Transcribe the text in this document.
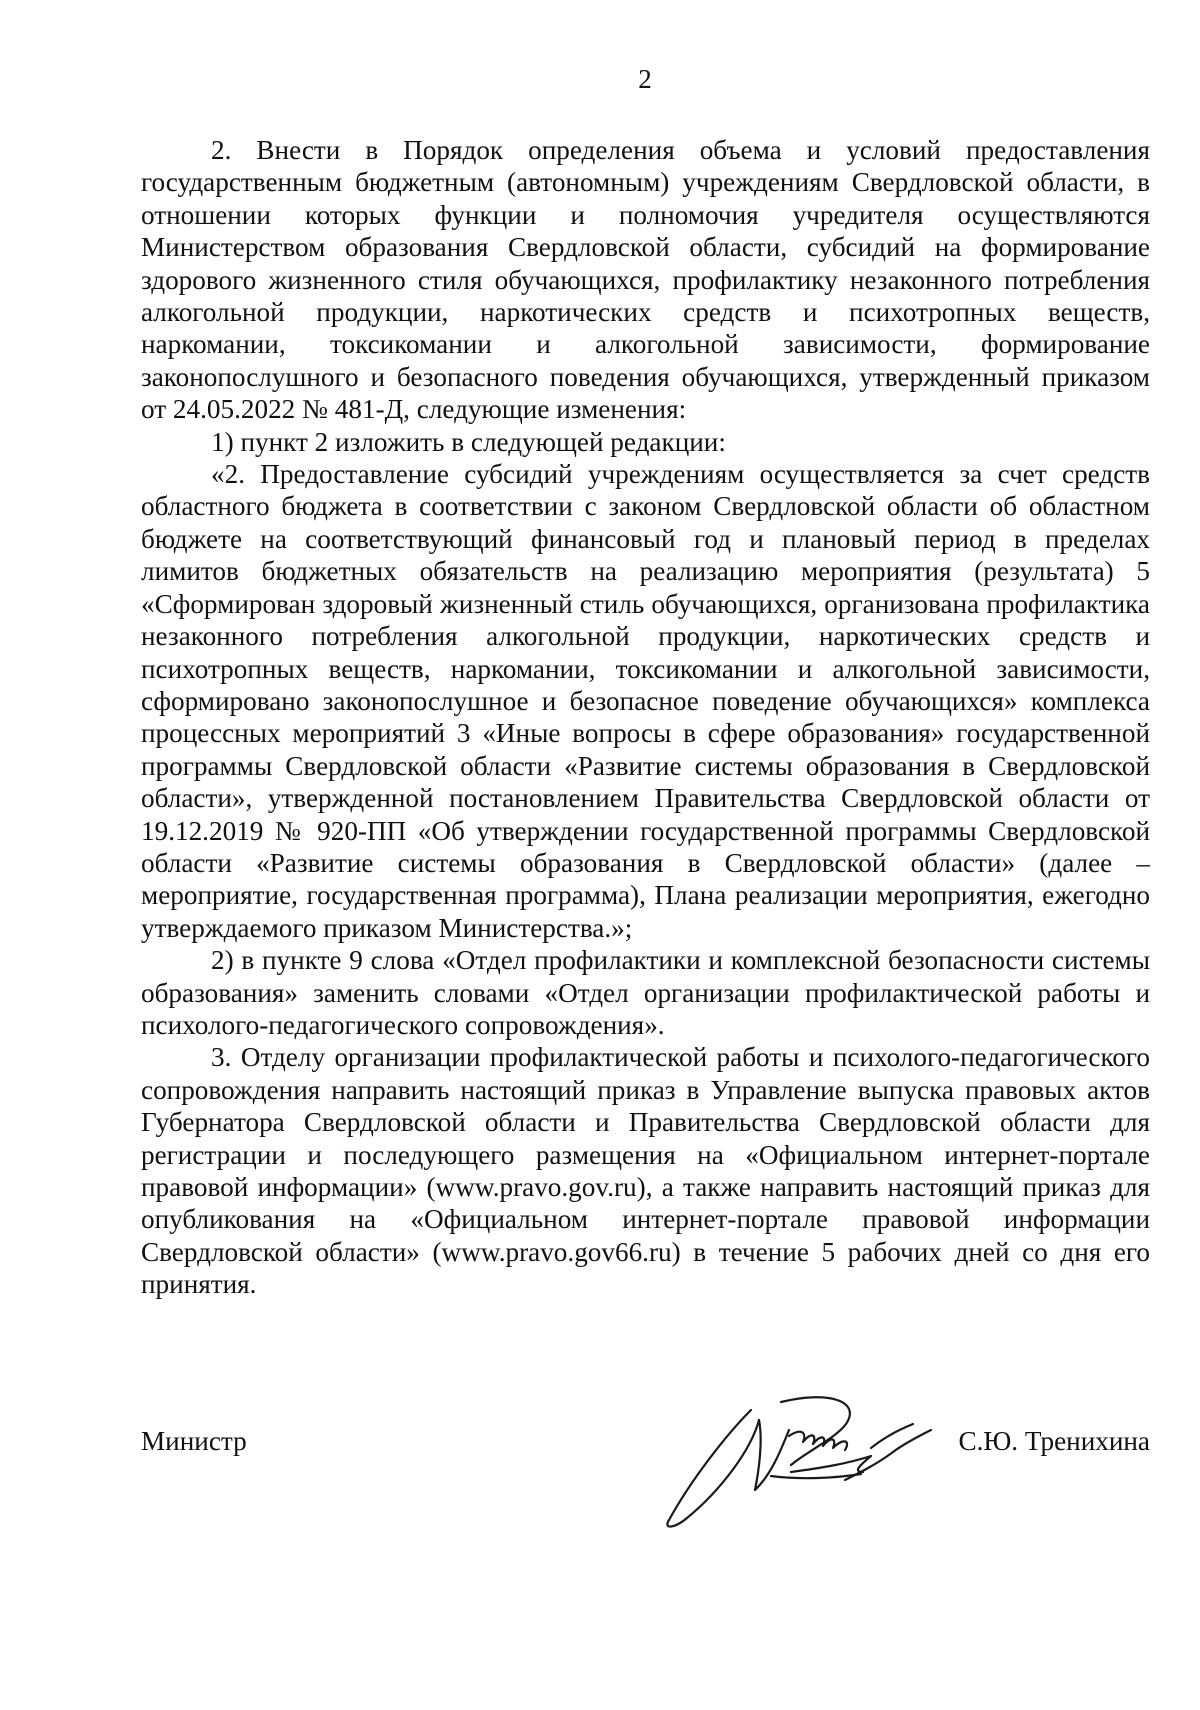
2

2. Внести в Порядок определения объема и условий предоставления государственным бюджетным (автономным) учреждениям Свердловской области, в отношении которых функции и полномочия учредителя осуществляются Министерством образования Свердловской области, субсидий на формирование здорового жизненного стиля обучающихся, профилактику незаконного потребления алкогольной продукции, наркотических средств и психотропных веществ, наркомании, токсикомании и алкогольной зависимости, формирование законопослушного и безопасного поведения обучающихся, утвержденный приказом от 24.05.2022 № 481-Д, следующие изменения:

1) пункт 2 изложить в следующей редакции:

«2. Предоставление субсидий учреждениям осуществляется за счет средств областного бюджета в соответствии с законом Свердловской области об областном бюджете на соответствующий финансовый год и плановый период в пределах лимитов бюджетных обязательств на реализацию мероприятия (результата) 5 «Сформирован здоровый жизненный стиль обучающихся, организована профилактика незаконного потребления алкогольной продукции, наркотических средств и психотропных веществ, наркомании, токсикомании и алкогольной зависимости, сформировано законопослушное и безопасное поведение обучающихся» комплекса процессных мероприятий 3 «Иные вопросы в сфере образования» государственной программы Свердловской области «Развитие системы образования в Свердловской области», утвержденной постановлением Правительства Свердловской области от 19.12.2019 № 920-ПП «Об утверждении государственной программы Свердловской области «Развитие системы образования в Свердловской области» (далее – мероприятие, государственная программа), Плана реализации мероприятия, ежегодно утверждаемого приказом Министерства.»;

2) в пункте 9 слова «Отдел профилактики и комплексной безопасности системы образования» заменить словами «Отдел организации профилактической работы и психолого-педагогического сопровождения».

3. Отделу организации профилактической работы и психолого-педагогического сопровождения направить настоящий приказ в Управление выпуска правовых актов Губернатора Свердловской области и Правительства Свердловской области для регистрации и последующего размещения на «Официальном интернет-портале правовой информации» (www.pravo.gov.ru), а также направить настоящий приказ для опубликования на «Официальном интернет-портале правовой информации Свердловской области» (www.pravo.gov66.ru) в течение 5 рабочих дней со дня его принятия.

Министр	С.Ю. Тренихина
